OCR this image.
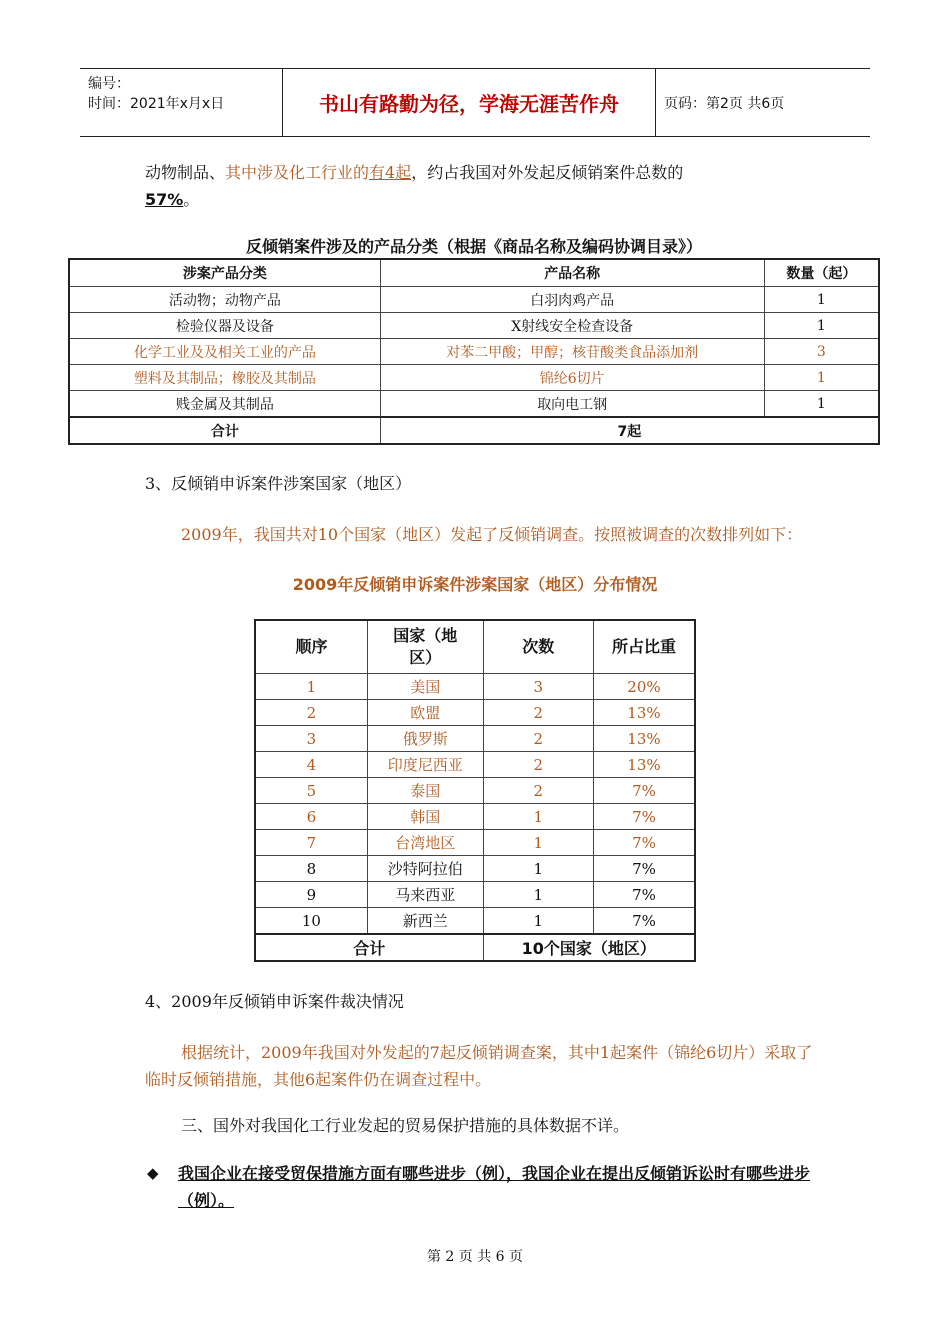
编号：
时间：2021年x月x日	书山有路勤为径，学海无涯苦作舟	页码：第2页 共6页
动物制品、其中涉及化工行业的有4起，约占我国对外发起反倾销案件总数的
57%。
反倾销案件涉及的产品分类（根据《商品名称及编码协调目录》）
涉案产品分类	产品名称	数量（起）
活动物；动物产品	白羽肉鸡产品	1
检验仪器及设备	X射线安全检查设备	1
化学工业及及相关工业的产品	对苯二甲酸；甲醇；核苷酸类食品添加剂	3
塑料及其制品；橡胶及其制品	锦纶6切片	1
贱金属及其制品	取向电工钢	1
合计	7起	
3、反倾销申诉案件涉案国家（地区）
2009年，我国共对10个国家（地区）发起了反倾销调查。按照被调查的次数排列如下：
2009年反倾销申诉案件涉案国家（地区）分布情况
顺序	国家（地区）	次数	所占比重
1	美国	3	20%
2	欧盟	2	13%
3	俄罗斯	2	13%
4	印度尼西亚	2	13%
5	泰国	2	7%
6	韩国	1	7%
7	台湾地区	1	7%
8	沙特阿拉伯	1	7%
9	马来西亚	1	7%
10	新西兰	1	7%
合计		10个国家（地区）	
4、2009年反倾销申诉案件裁决情况
根据统计，2009年我国对外发起的7起反倾销调查案，其中1起案件（锦纶6切片）采取了临时反倾销措施，其他6起案件仍在调查过程中。
三、国外对我国化工行业发起的贸易保护措施的具体数据不详。
◆ 我国企业在接受贸保措施方面有哪些进步（例），我国企业在提出反倾销诉讼时有哪些进步（例）。
第 2 页 共 6 页
